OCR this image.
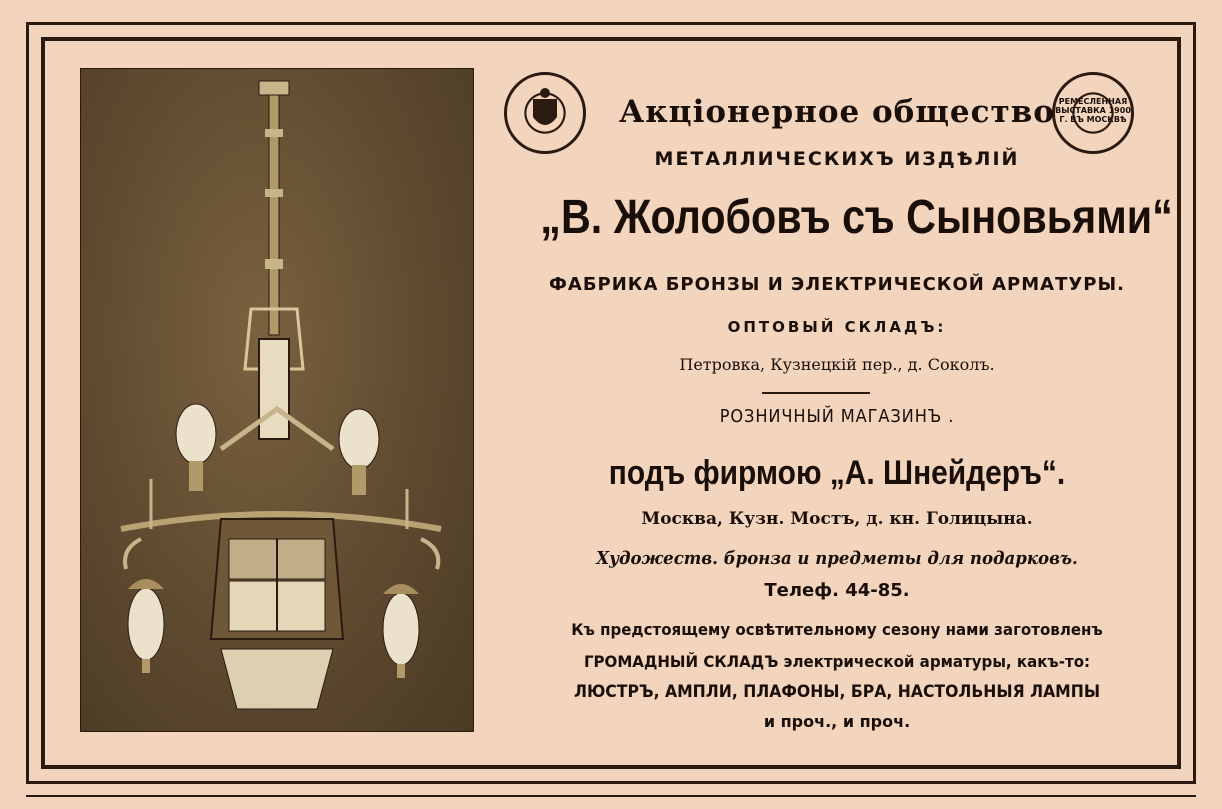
РЕМЕСЛЕННАЯ ВЫСТАВКА 1900 Г. ВЪ МОСКВѢ
Акціонерное общество
МЕТАЛЛИЧЕСКИХЪ ИЗДѢЛІЙ
„В. Жолобовъ съ Сыновьями“
ФАБРИКА БРОНЗЫ И ЭЛЕКТРИЧЕСКОЙ АРМАТУРЫ.
ОПТОВЫЙ СКЛАДЪ:
Петровка, Кузнецкій пер., д. Соколъ.
РОЗНИЧНЫЙ МАГАЗИНЪ .
подъ фирмою „А. Шнейдеръ“.
Москва, Кузн. Мостъ, д. кн. Голицына.
Художеств. бронза и предметы для подарковъ.
Телеф. 44-85.
Къ предстоящему освѣтительному сезону нами заготовленъ
ГРОМАДНЫЙ СКЛАДЪ электрической арматуры, какъ-то:
ЛЮСТРЪ, АМПЛИ, ПЛАФОНЫ, БРА, НАСТОЛЬНЫЯ ЛАМПЫ
и проч., и проч.
